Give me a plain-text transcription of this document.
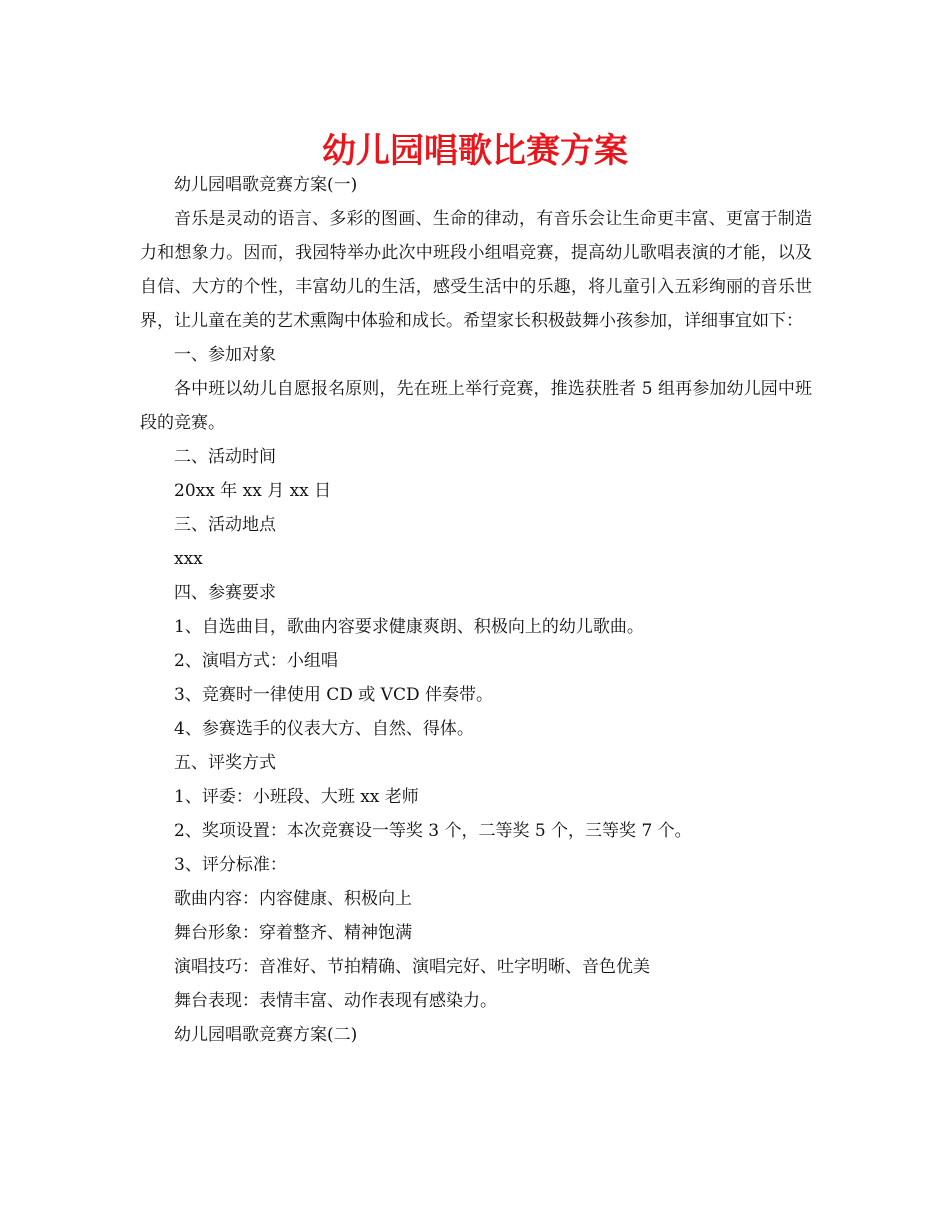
幼儿园唱歌比赛方案

幼儿园唱歌竞赛方案(一)

音乐是灵动的语言、多彩的图画、生命的律动，有音乐会让生命更丰富、更富于制造力和想象力。因而，我园特举办此次中班段小组唱竞赛，提高幼儿歌唱表演的才能，以及自信、大方的个性，丰富幼儿的生活，感受生活中的乐趣，将儿童引入五彩绚丽的音乐世界，让儿童在美的艺术熏陶中体验和成长。希望家长积极鼓舞小孩参加，详细事宜如下：

一、参加对象

各中班以幼儿自愿报名原则，先在班上举行竞赛，推选获胜者 5 组再参加幼儿园中班段的竞赛。

二、活动时间

20xx 年 xx 月 xx 日

三、活动地点

xxx

四、参赛要求

1、自选曲目，歌曲内容要求健康爽朗、积极向上的幼儿歌曲。

2、演唱方式：小组唱

3、竞赛时一律使用 CD 或 VCD 伴奏带。

4、参赛选手的仪表大方、自然、得体。

五、评奖方式

1、评委：小班段、大班 xx 老师

2、奖项设置：本次竞赛设一等奖 3 个，二等奖 5 个，三等奖 7 个。

3、评分标准：

歌曲内容：内容健康、积极向上

舞台形象：穿着整齐、精神饱满

演唱技巧：音准好、节拍精确、演唱完好、吐字明晰、音色优美

舞台表现：表情丰富、动作表现有感染力。

幼儿园唱歌竞赛方案(二)
